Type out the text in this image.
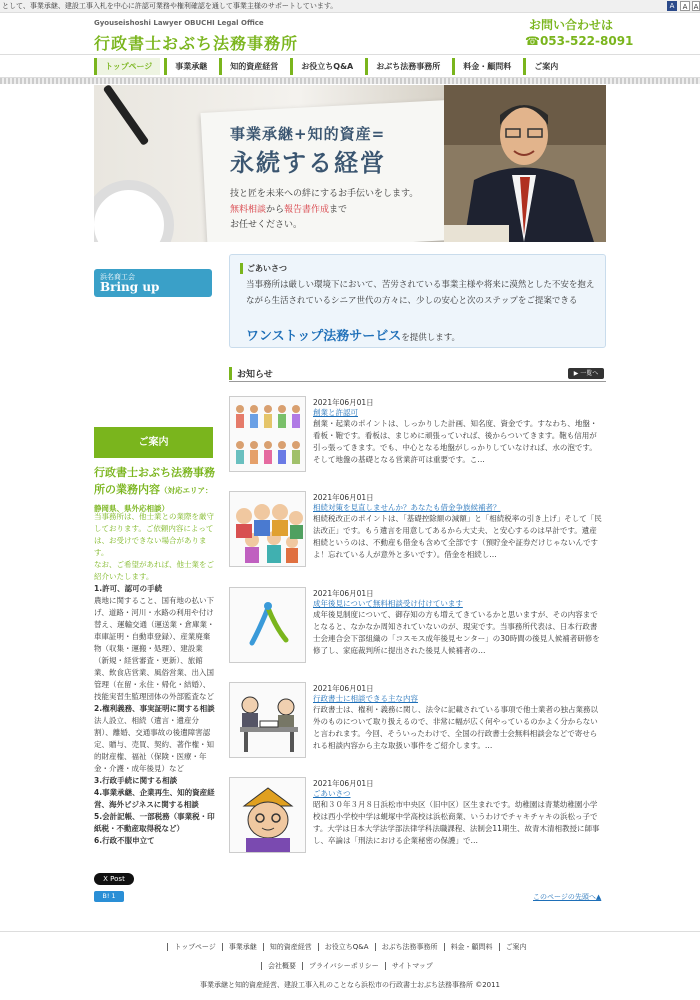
として、事業承継、建設工事入札を中心に許認可業務や権利確認を通して事業主様のサポートしています。	A	A A
Gyouseishoshi Lawyer OBUCHI Legal Office
行政書士おぶち法務事務所
お問い合わせは
☎053-522-8091
トップページ	事業承継	知的資産経営	お役立ちQ&A	おぶち法務事務所	料金・顧問料	ご案内
事業承継+知的資産=
永続する経営
技と匠を未来への絆にするお手伝いをします。
無料相談から報告書作成まで
お任せください。
浜名商工会
Bring up
ごあいさつ
当事務所は厳しい環境下において、苦労されている事業主様や将来に漠然とした不安を抱えながら生活されているシニア世代の方々に、少しの安心と次のステップをご提案できる
ワンストップ法務サービスを提供します。
お知らせ	▶ 一覧へ
2021年06月01日
創業と許認可
創業・起業のポイントは、しっかりした計画、知名度、資金です。すなわち、地盤・看板・鞄です。看板は、まじめに頑張っていれば、後からついてきます。鞄も信用が引っ張ってきます。でも、中心となる地盤がしっかりしていなければ、水の泡です。そして地盤の基礎となる営業許可は重要です。こ…
2021年06月01日
相続対策を見直しませんか？あなたも借金争族候補者？
相続税改正のポイントは、「基礎控除額の減額」と「相続税率の引き上げ」そして「民法改正」です。もう遺言を用意してあるから大丈夫、と安心するのは早計です。遺産相続というのは、不動産も借金も含めて全部です（預貯金や証券だけじゃないんですよ！忘れている人が意外と多いです）。借金を相続し…
2021年06月01日
成年後見について無料相談受け付けています
成年後見制度について、御存知の方も増えてきているかと思いますが、その内容までとなると、なかなか周知されていないのが、現実です。当事務所代表は、日本行政書士会連合会下部組織の「コスモス成年後見センター」の30時間の後見人候補者研修を修了し、家庭裁判所に提出された後見人候補者の…
2021年06月01日
行政書士に相談できる主な内容
行政書士は、権利・義務に関し、法令に記載されている事項で他士業者の独占業務以外のものについて取り扱えるので、非常に幅が広く何やっているのかよく分からないと言われます。今回、そういったわけで、全国の行政書士会無料相談会などで寄せられる相談内容から主な取扱い事件をご紹介します。…
2021年06月01日
ごあいさつ
昭和３０年３月８日浜松市中央区（旧中区）区生まれです。幼稚園は青葉幼稚園小学校は西小学校中学は蜆塚中学高校は浜松商業、いうわけでチャキチャキの浜松っ子です。大学は日本大学法学部法律学科法職課程、法制会11期生、故青木清相教授に師事し、卒論は「刑法における企業秘密の保護」で…
ご案内
行政書士おぶち法務事務所の業務内容（対応エリア：静岡県、県外応相談）
当事務所は、他士業との業際を厳守しております。ご依頼内容によっては、お受けできない場合があります。
なお、ご希望があれば、他士業をご紹介いたします。
1.許可、認可の手続
農地に関すること、国有地の払い下げ、道路・河川・水路の利用や付け替え、運輸交通（運送業・倉庫業・車庫証明・自動車登録）、産業廃棄物（収集・運搬・処理）、建設業（新規・経営審査・更新）、旅館業、飲食店営業、風俗営業、出入国管理（在留・永住・帰化・結婚）、技能実習生監理団体の外部監査など
2.権利義務、事実証明に関する相談
法人設立、相続（遺言・遺産分割）、離婚、交通事故の後遺障害認定、贈与、売買、契約、著作権・知的財産権、福祉（保険・医療・年金・介護・成年後見）など
3.行政手続に関する相談
4.事業承継、企業再生、知的資産経営、海外ビジネスに関する相談
5.会計記帳、一部税務（事業税・印紙税・不動産取得税など）
6.行政不服申立て
X Post
B! 1	このページの先頭へ▲
トップページ 事業承継 知的資産経営 お役立ちQ&A おぶち法務事務所 料金・顧問料 ご案内
会社概要 プライバシーポリシー サイトマップ
事業承継と知的資産経営、建設工事入札のことなら浜松市の行政書士おぶち法務事務所 ©2011
